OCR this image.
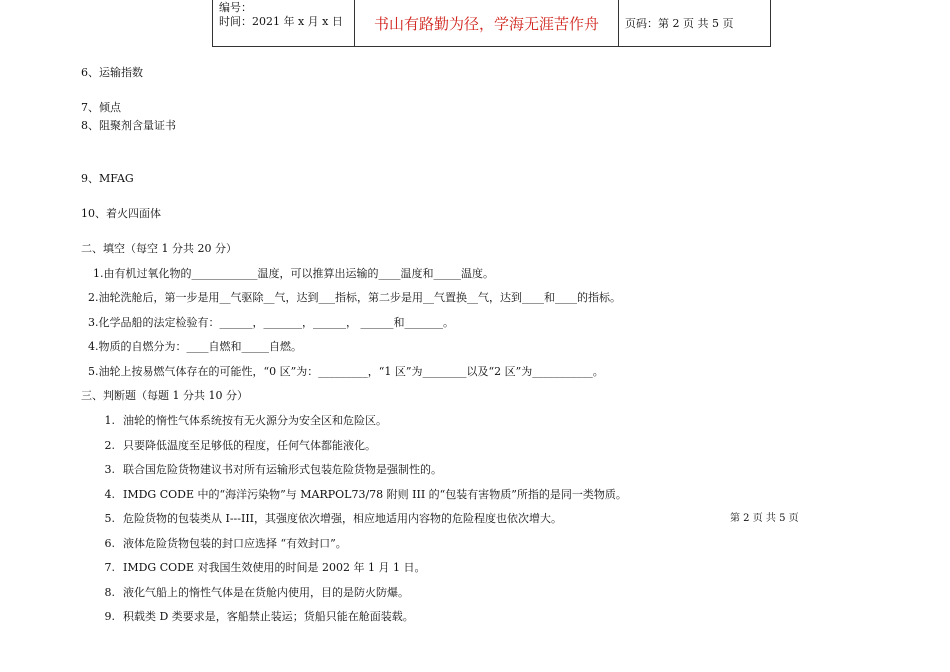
编号：
时间：2021 年 x 月 x 日	书山有路勤为径，学海无涯苦作舟	页码：第 2 页 共 5 页
6、运输指数
7、倾点
8、阻聚剂含量证书
9、MFAG
10、着火四面体
二、填空（每空 1 分共 20 分）
1.由有机过氧化物的____________温度，可以推算出运输的____温度和_____温度。
2.油轮洗舱后，第一步是用__气驱除__气，达到___指标，第二步是用__气置换__气，达到____和____的指标。
3.化学品船的法定检验有：______，_______，______， ______和_______。
4.物质的自燃分为：____自燃和_____自燃。
5.油轮上按易燃气体存在的可能性，“0 区”为：_________，“1 区”为________以及“2 区”为___________。
三、判断题（每题 1 分共 10 分）
1. 油轮的惰性气体系统按有无火源分为安全区和危险区。
2. 只要降低温度至足够低的程度，任何气体都能液化。
3. 联合国危险货物建议书对所有运输形式包装危险货物是强制性的。
4. IMDG CODE 中的“海洋污染物”与 MARPOL73/78 附则 III 的“包装有害物质”所指的是同一类物质。
5. 危险货物的包装类从 I---III，其强度依次增强，相应地适用内容物的危险程度也依次增大。
6. 液体危险货物包装的封口应选择 “有效封口”。
7. IMDG CODE 对我国生效使用的时间是 2002 年 1 月 1 日。
8. 液化气船上的惰性气体是在货舱内使用，目的是防火防爆。
9. 积载类 D 类要求是，客船禁止装运；货船只能在舱面装载。
第 2 页 共 5 页
